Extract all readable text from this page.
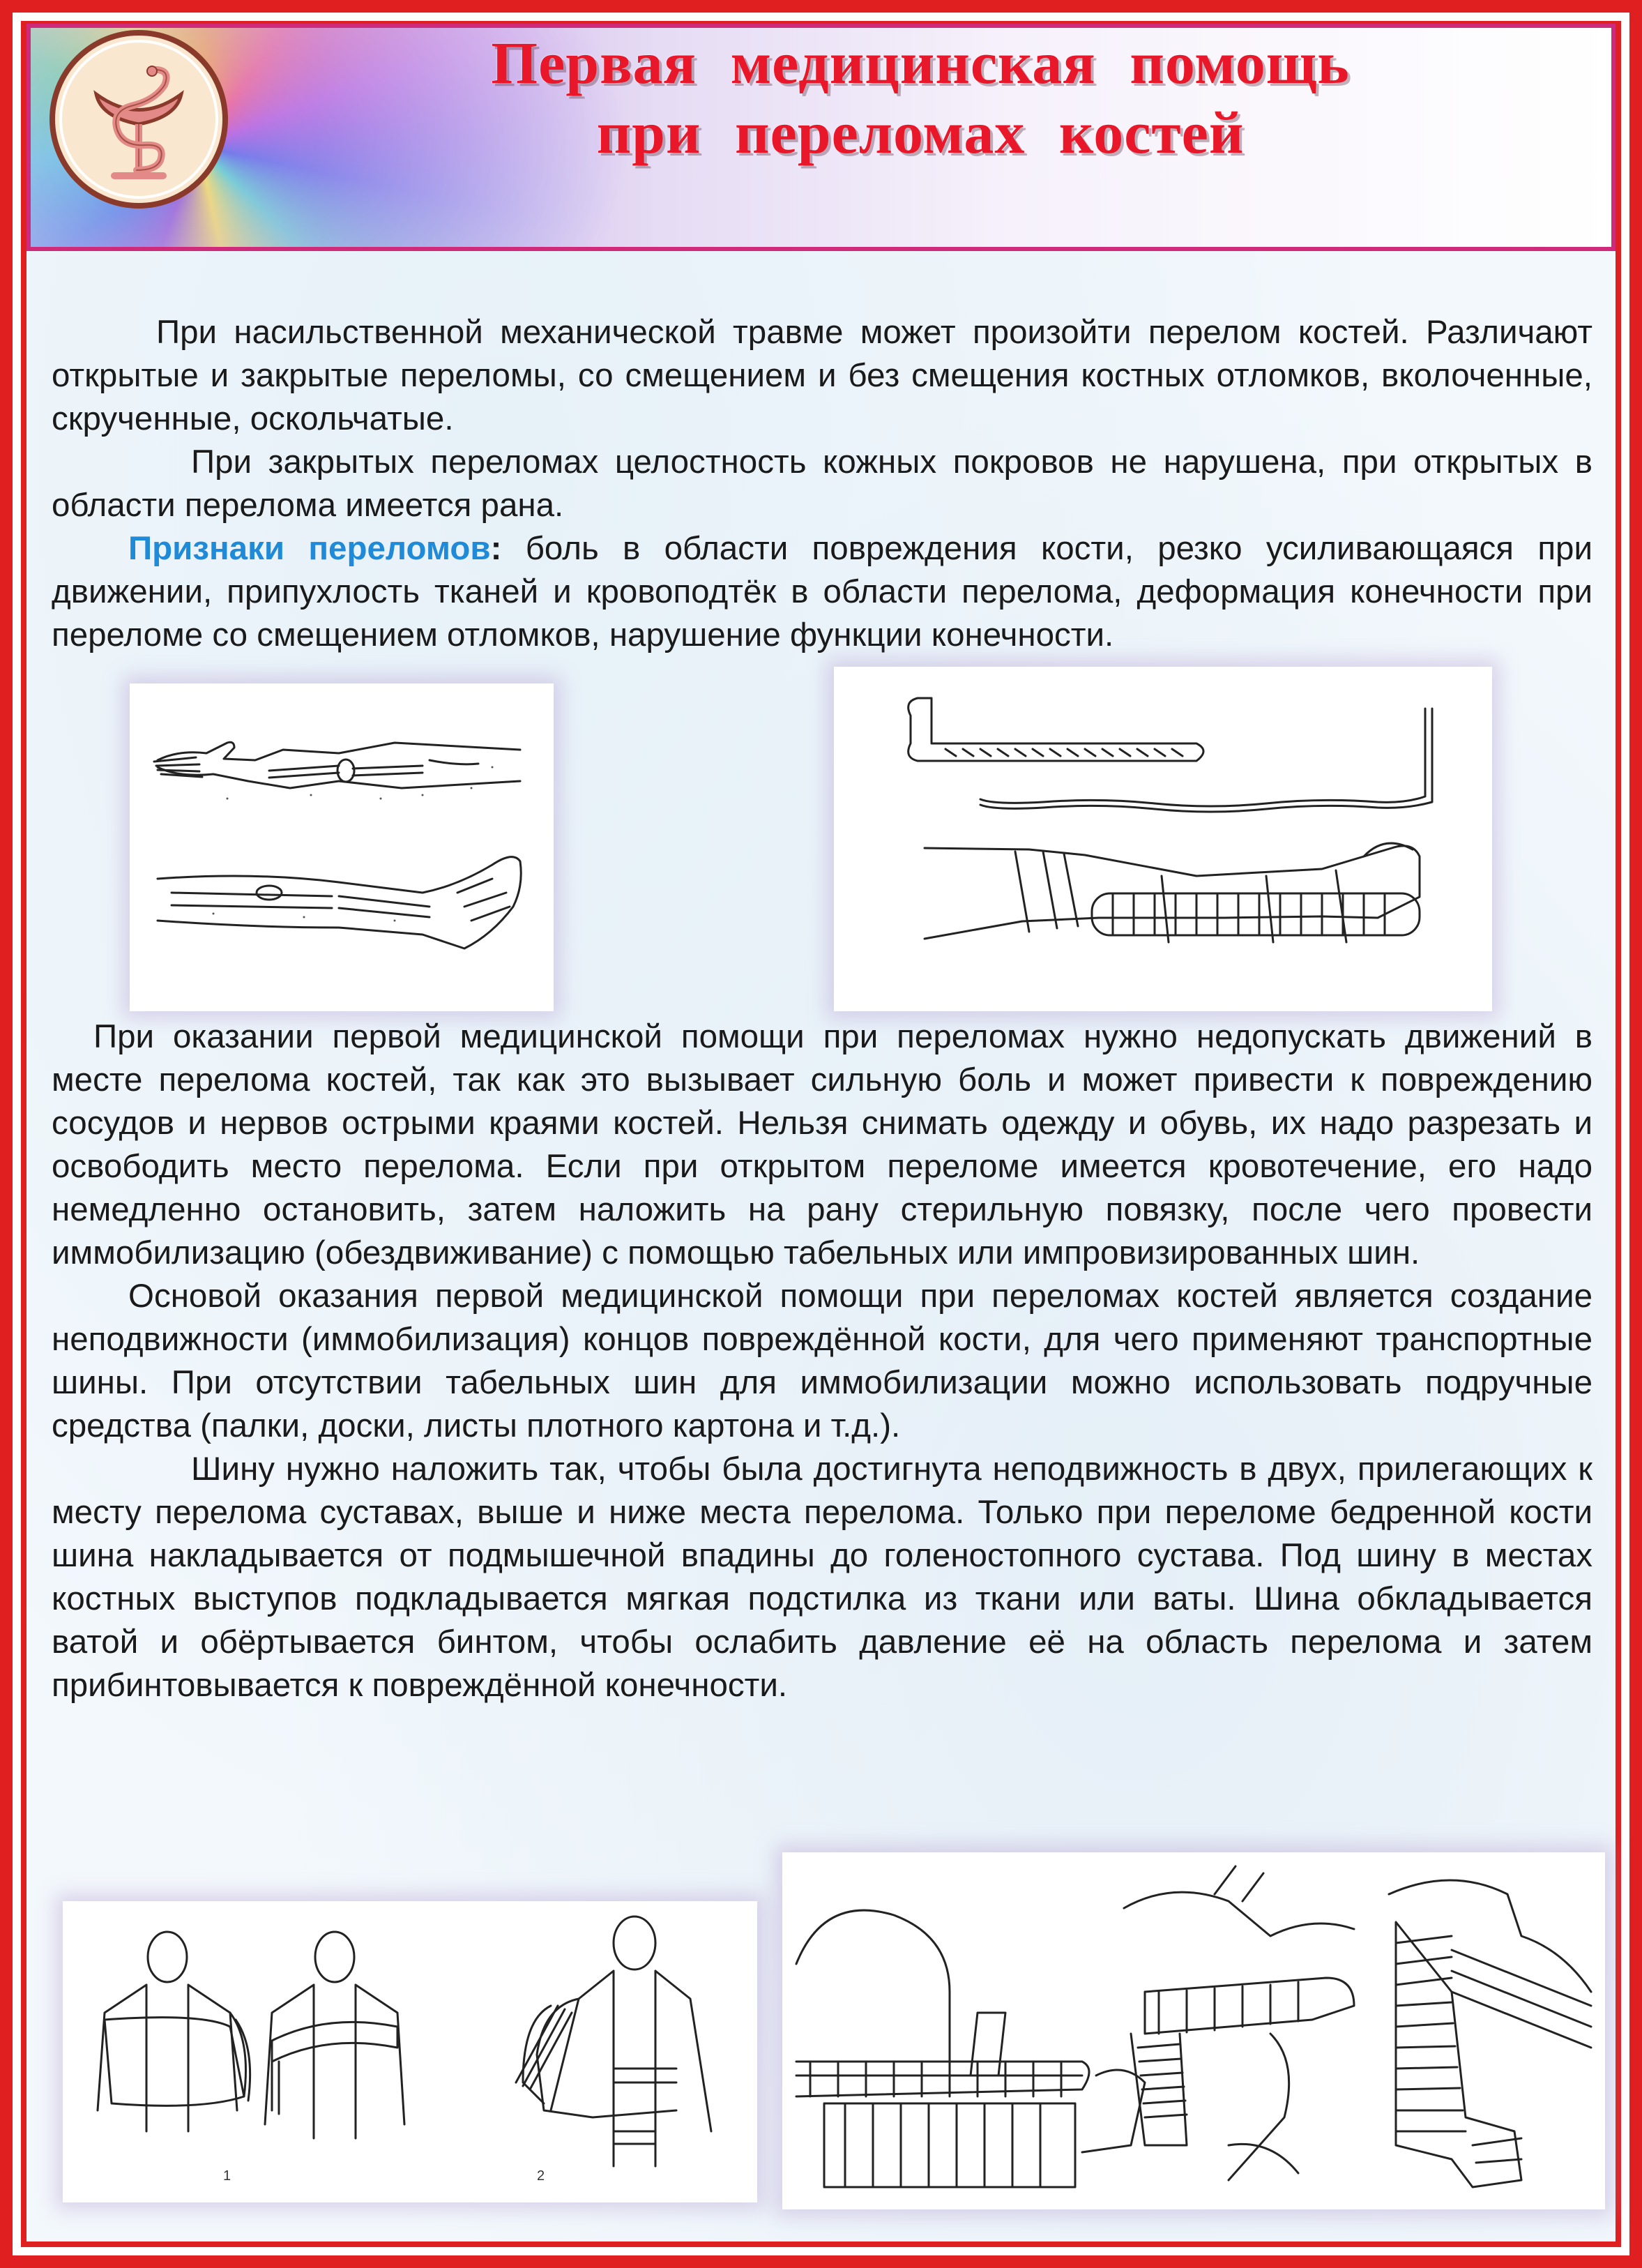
Первая медицинская помощь
при переломах костей

При насильственной механической травме может произойти перелом костей. Различают открытые и закрытые переломы, со смещением и без смещения костных отломков, вколоченные, скрученные, оскольчатые.

При закрытых переломах целостность кожных покровов не нарушена, при открытых в области перелома имеется рана.

Признаки переломов: боль в области повреждения кости, резко усиливающаяся при движении, припухлость тканей и кровоподтёк в области перелома, деформация конечности при переломе со смещением отломков, нарушение функции конечности.

При оказании первой медицинской помощи при переломах нужно недопускать движений в месте перелома костей, так как это вызывает сильную боль и может привести к повреждению сосудов и нервов острыми краями костей. Нельзя снимать одежду и обувь, их надо разрезать и освободить место перелома. Если при открытом переломе имеется кровотечение, его надо немедленно остановить, затем наложить на рану стерильную повязку, после чего провести иммобилизацию (обездвиживание) с помощью табельных или импровизированных шин.

Основой оказания первой медицинской помощи при переломах костей является создание неподвижности (иммобилизация) концов повреждённой кости, для чего применяют транспортные шины. При отсутствии табельных шин для иммобилизации можно использовать подручные средства (палки, доски, листы плотного картона и т.д.).

Шину нужно наложить так, чтобы была достигнута неподвижность в двух, прилегающих к месту перелома суставах, выше и ниже места перелома. Только при переломе бедренной кости шина накладывается от подмышечной впадины до голеностопного сустава. Под шину в местах костных выступов подкладывается мягкая подстилка из ткани или ваты. Шина обкладывается ватой и обёртывается бинтом, чтобы ослабить давление её на область перелома и затем прибинтовывается к повреждённой конечности.

1	2
